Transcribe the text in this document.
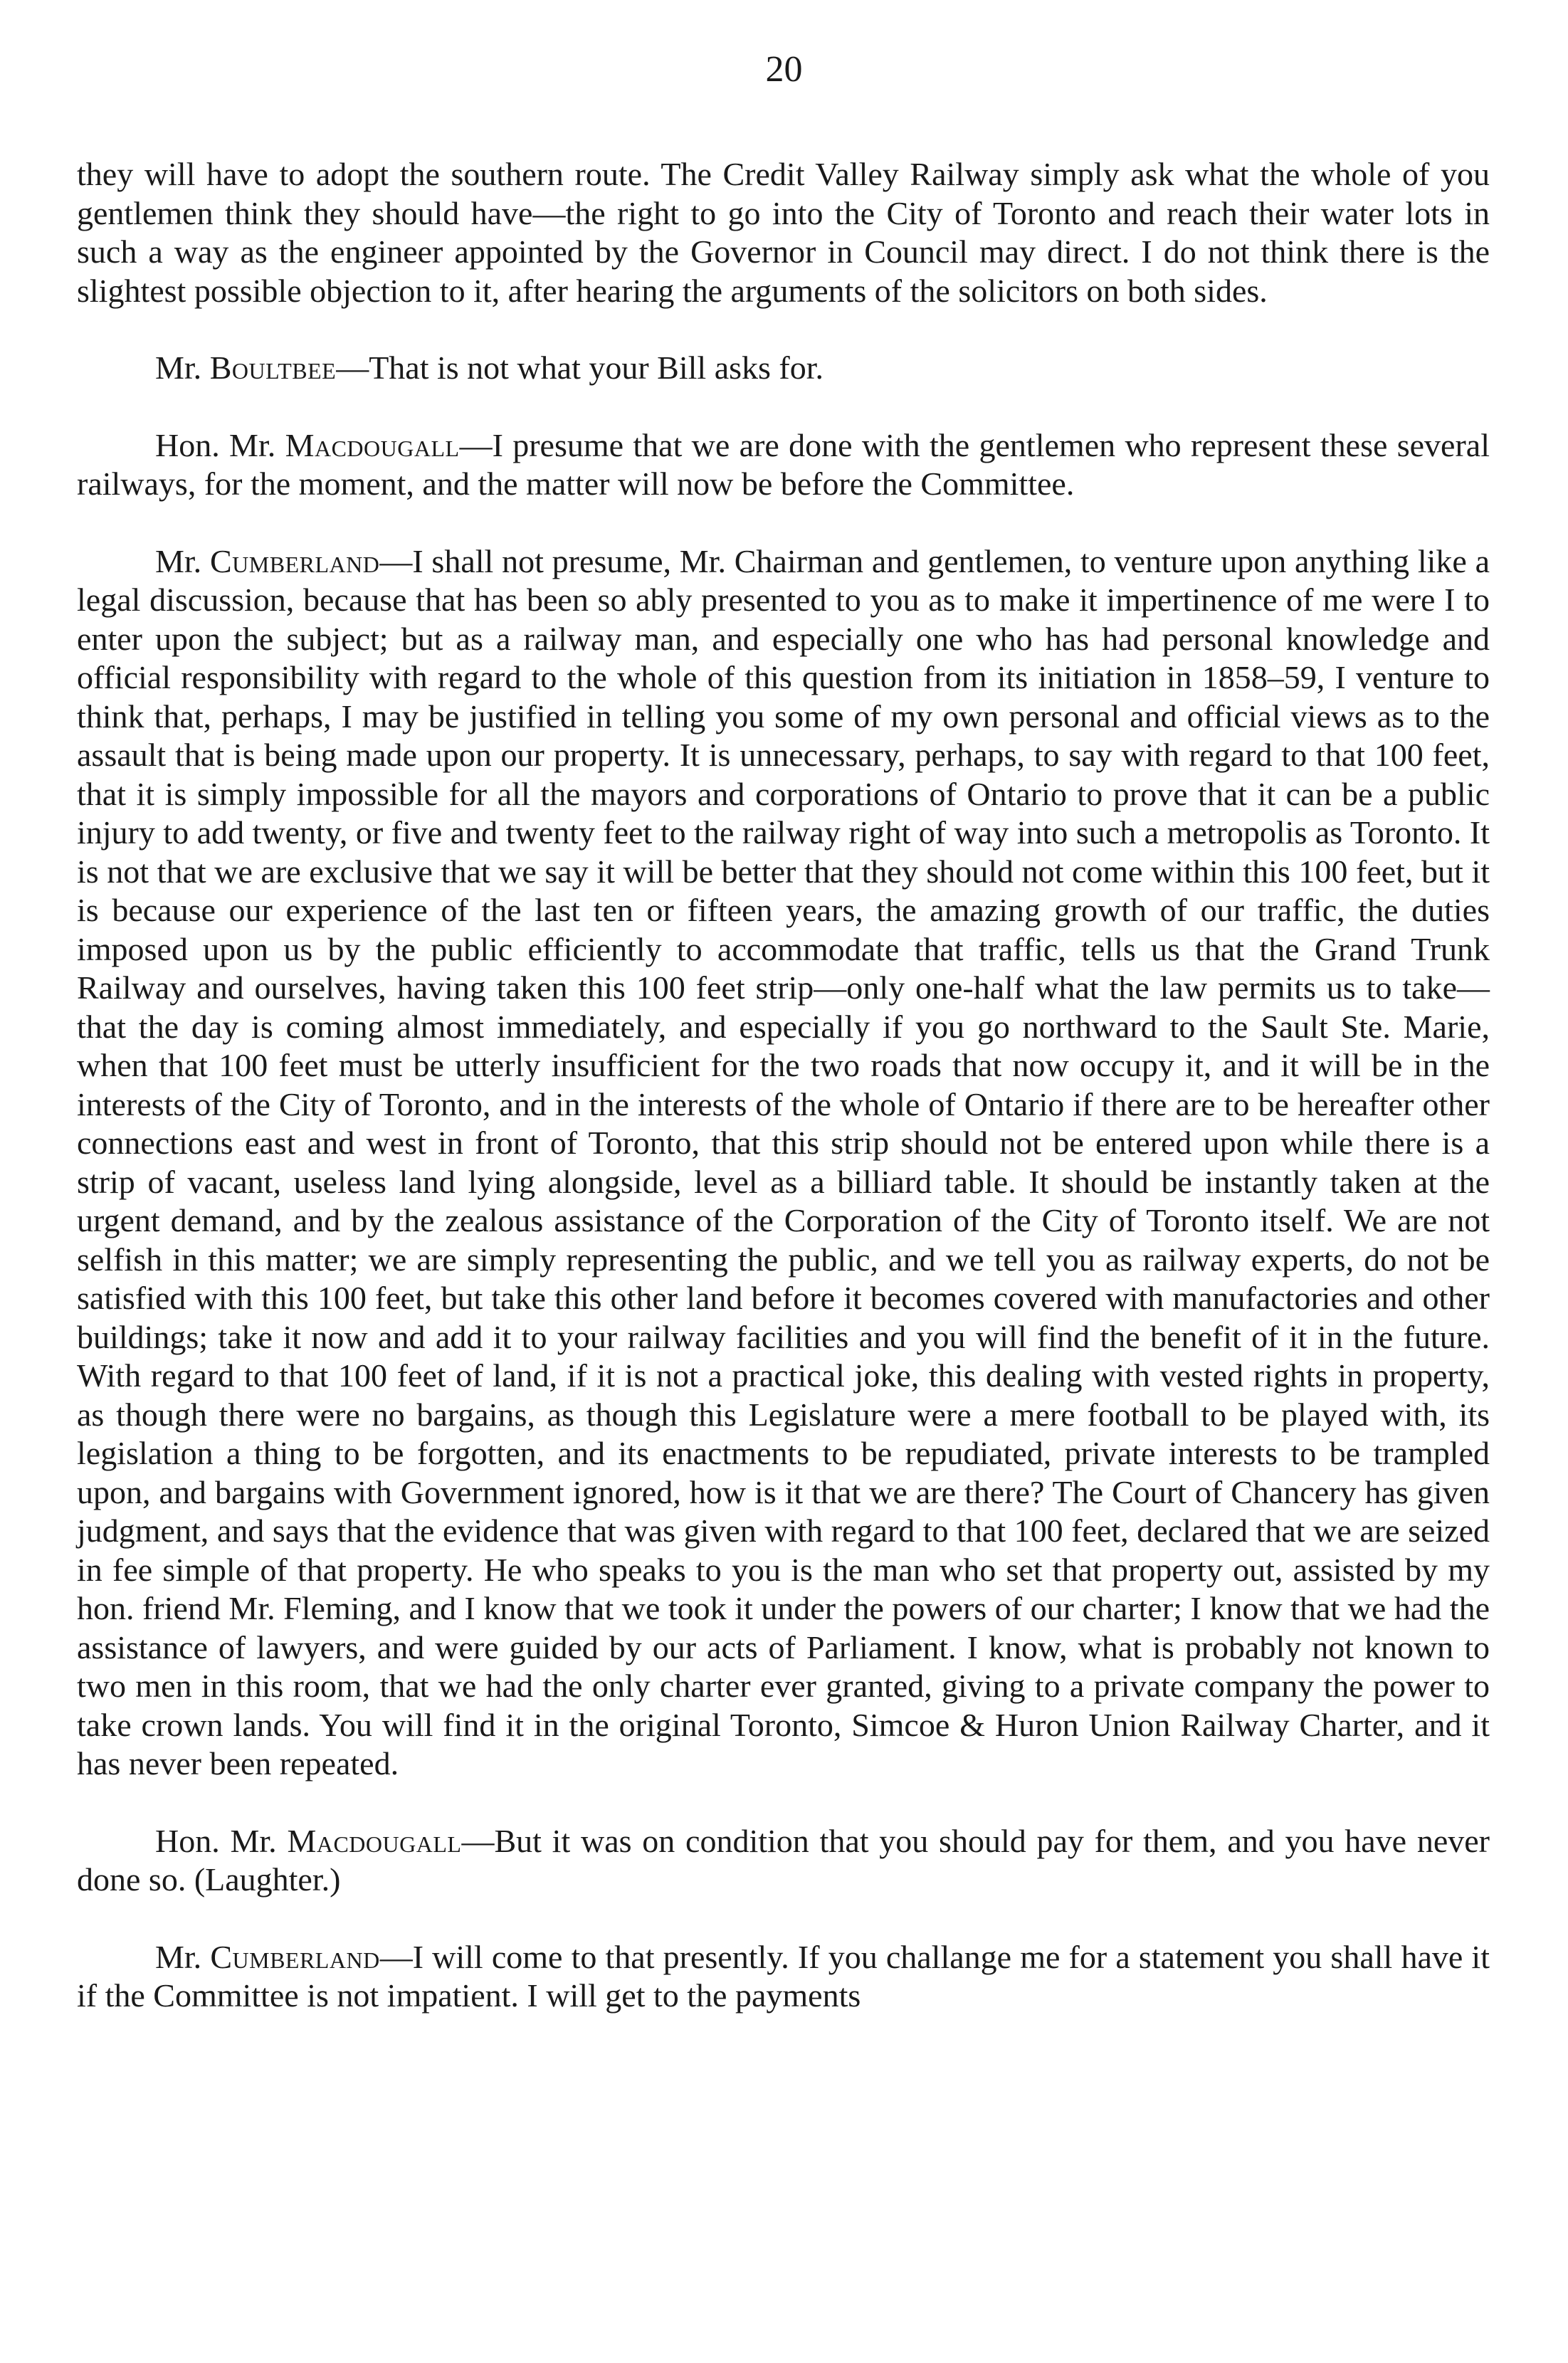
20

they will have to adopt the southern route. The Credit Valley Railway simply ask what the whole of you gentlemen think they should have—the right to go into the City of Toronto and reach their water lots in such a way as the engineer appointed by the Governor in Council may direct. I do not think there is the slightest possible objection to it, after hearing the arguments of the solicitors on both sides.

Mr. Boultbee—That is not what your Bill asks for.

Hon. Mr. Macdougall—I presume that we are done with the gentlemen who represent these several railways, for the moment, and the matter will now be before the Committee.

Mr. Cumberland—I shall not presume, Mr. Chairman and gentlemen, to venture upon anything like a legal discussion, because that has been so ably presented to you as to make it impertinence of me were I to enter upon the subject; but as a railway man, and especially one who has had personal knowledge and official responsibility with regard to the whole of this question from its initiation in 1858–59, I venture to think that, perhaps, I may be justified in telling you some of my own personal and official views as to the assault that is being made upon our property. It is unnecessary, perhaps, to say with regard to that 100 feet, that it is simply impossible for all the mayors and corporations of Ontario to prove that it can be a public injury to add twenty, or five and twenty feet to the railway right of way into such a metropolis as Toronto. It is not that we are exclusive that we say it will be better that they should not come within this 100 feet, but it is because our experience of the last ten or fifteen years, the amazing growth of our traffic, the duties imposed upon us by the public efficiently to accommodate that traffic, tells us that the Grand Trunk Railway and ourselves, having taken this 100 feet strip—only one-half what the law permits us to take—that the day is coming almost immediately, and especially if you go northward to the Sault Ste. Marie, when that 100 feet must be utterly insufficient for the two roads that now occupy it, and it will be in the interests of the City of Toronto, and in the interests of the whole of Ontario if there are to be hereafter other connections east and west in front of Toronto, that this strip should not be entered upon while there is a strip of vacant, useless land lying alongside, level as a billiard table. It should be instantly taken at the urgent demand, and by the zealous assistance of the Corporation of the City of Toronto itself. We are not selfish in this matter; we are simply representing the public, and we tell you as railway experts, do not be satisfied with this 100 feet, but take this other land before it becomes covered with manufactories and other buildings; take it now and add it to your railway facilities and you will find the benefit of it in the future. With regard to that 100 feet of land, if it is not a practical joke, this dealing with vested rights in property, as though there were no bargains, as though this Legislature were a mere football to be played with, its legislation a thing to be forgotten, and its enactments to be repudiated, private interests to be trampled upon, and bargains with Government ignored, how is it that we are there? The Court of Chancery has given judgment, and says that the evidence that was given with regard to that 100 feet, declared that we are seized in fee simple of that property. He who speaks to you is the man who set that property out, assisted by my hon. friend Mr. Fleming, and I know that we took it under the powers of our charter; I know that we had the assistance of lawyers, and were guided by our acts of Parliament. I know, what is probably not known to two men in this room, that we had the only charter ever granted, giving to a private company the power to take crown lands. You will find it in the original Toronto, Simcoe & Huron Union Railway Charter, and it has never been repeated.

Hon. Mr. Macdougall—But it was on condition that you should pay for them, and you have never done so. (Laughter.)

Mr. Cumberland—I will come to that presently. If you challange me for a statement you shall have it if the Committee is not impatient. I will get to the payments
